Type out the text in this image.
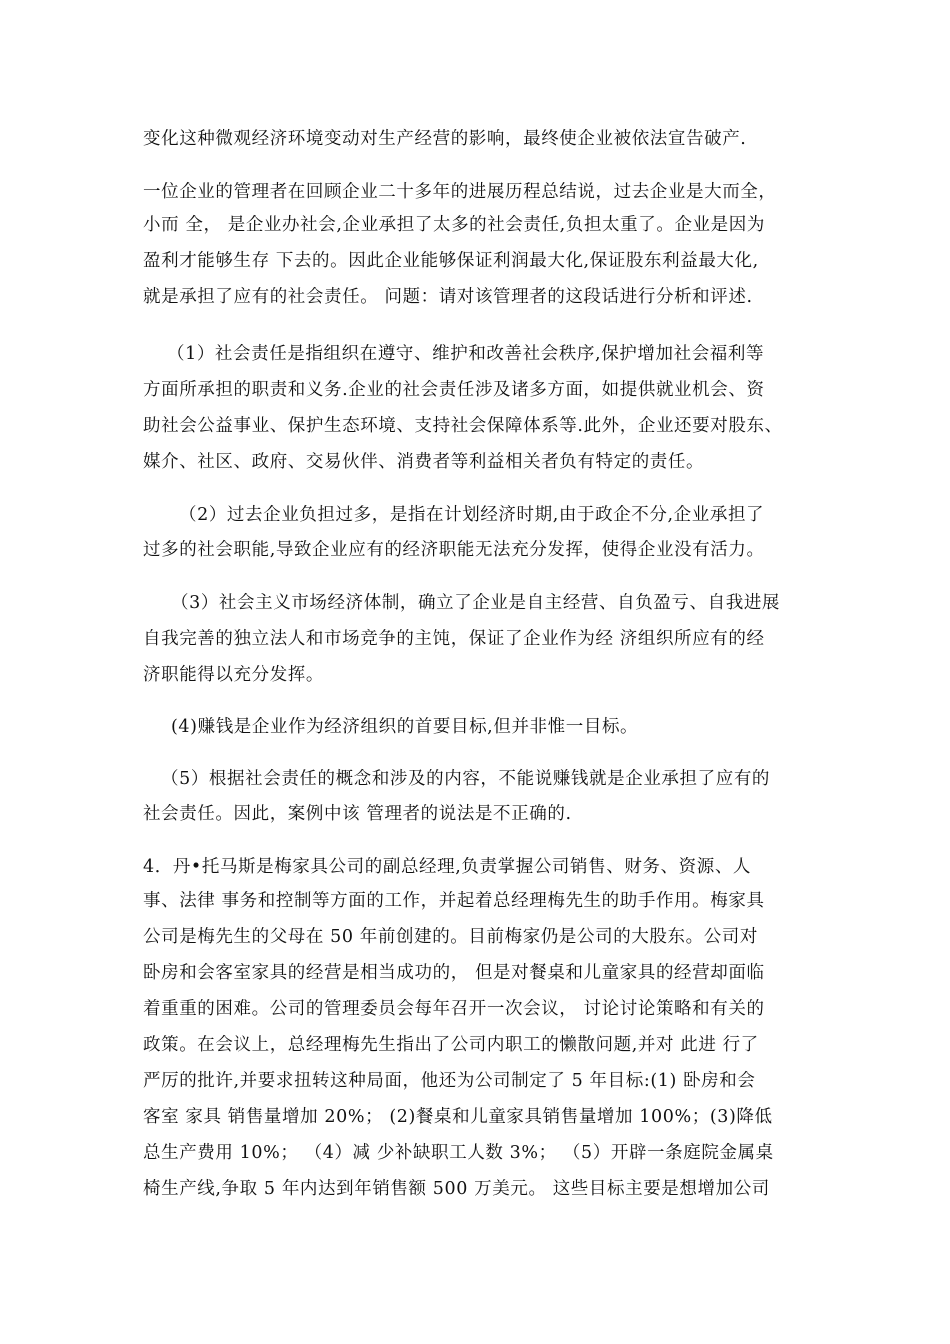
变化这种微观经济环境变动对生产经营的影响，最终使企业被依法宣告破产.
一位企业的管理者在回顾企业二十多年的进展历程总结说，过去企业是大而全，
小而 全， 是企业办社会,企业承担了太多的社会责任,负担太重了。企业是因为
盈利才能够生存 下去的。因此企业能够保证利润最大化,保证股东利益最大化,
就是承担了应有的社会责任。 问题：请对该管理者的这段话进行分析和评述.
（1）社会责任是指组织在遵守、维护和改善社会秩序,保护增加社会福利等
方面所承担的职责和义务.企业的社会责任涉及诸多方面，如提供就业机会、资
助社会公益事业、保护生态环境、支持社会保障体系等.此外，企业还要对股东、
媒介、社区、政府、交易伙伴、消费者等利益相关者负有特定的责任。
（2）过去企业负担过多，是指在计划经济时期,由于政企不分,企业承担了
过多的社会职能,导致企业应有的经济职能无法充分发挥，使得企业没有活力。
（3）社会主义市场经济体制，确立了企业是自主经营、自负盈亏、自我进展
自我完善的独立法人和市场竞争的主饨，保证了企业作为经 济组织所应有的经
济职能得以充分发挥。
(4)赚钱是企业作为经济组织的首要目标,但并非惟一目标。
（5）根据社会责任的概念和涉及的内容，不能说赚钱就是企业承担了应有的
社会责任。因此，案例中该 管理者的说法是不正确的.
4．丹•托马斯是梅家具公司的副总经理,负责掌握公司销售、财务、资源、人
事、法律 事务和控制等方面的工作，并起着总经理梅先生的助手作用。梅家具
公司是梅先生的父母在 50 年前创建的。目前梅家仍是公司的大股东。公司对
卧房和会客室家具的经营是相当成功的， 但是对餐桌和儿童家具的经营却面临
着重重的困难。公司的管理委员会每年召开一次会议， 讨论讨论策略和有关的
政策。在会议上，总经理梅先生指出了公司内职工的懒散问题,并对 此进 行了
严厉的批许,并要求扭转这种局面，他还为公司制定了 5 年目标:(1) 卧房和会
客室 家具 销售量增加 20%； (2)餐桌和儿童家具销售量增加 100%；(3)降低
总生产费用 10%； （4）减 少补缺职工人数 3%； （5）开辟一条庭院金属桌
椅生产线,争取 5 年内达到年销售额 500 万美元。 这些目标主要是想增加公司
